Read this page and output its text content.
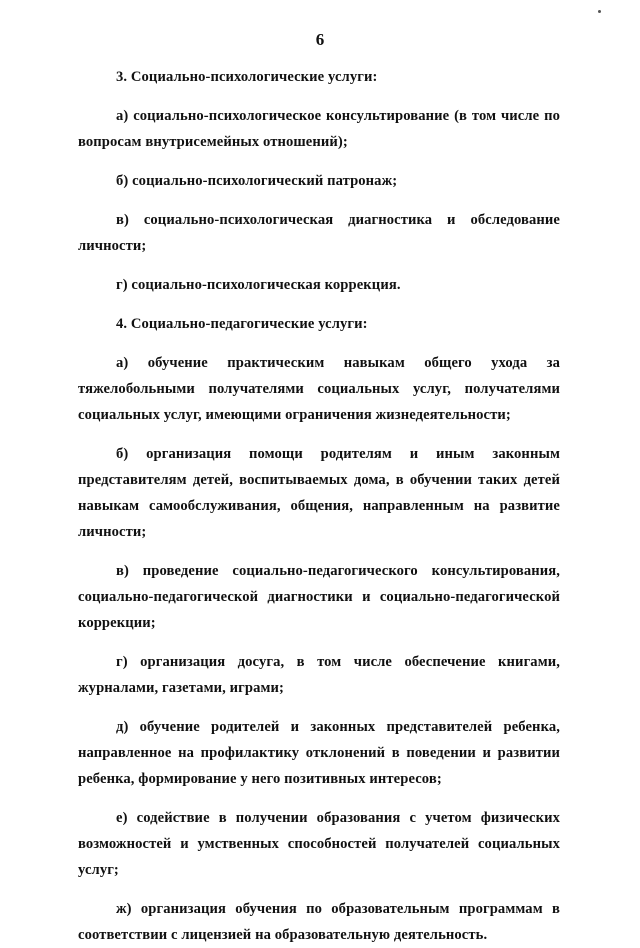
6

3. Социально-психологические услуги:

а) социально-психологическое консультирование (в том числе по вопросам внутрисемейных отношений);

б) социально-психологический патронаж;

в) социально-психологическая диагностика и обследование личности;

г) социально-психологическая коррекция.

4. Социально-педагогические услуги:

а) обучение практическим навыкам общего ухода за тяжелобольными получателями социальных услуг, получателями социальных услуг, имеющими ограничения жизнедеятельности;

б) организация помощи родителям и иным законным представителям детей, воспитываемых дома, в обучении таких детей навыкам самообслуживания, общения, направленным на развитие личности;

в) проведение социально-педагогического консультирования, социально-педагогической диагностики и социально-педагогической коррекции;

г) организация досуга, в том числе обеспечение книгами, журналами, газетами, играми;

д) обучение родителей и законных представителей ребенка, направленное на профилактику отклонений в поведении и развитии ребенка, формирование у него позитивных интересов;

е) содействие в получении образования с учетом физических возможностей и умственных способностей получателей социальных услуг;

ж) организация обучения по образовательным программам в соответствии с лицензией на образовательную деятельность.
